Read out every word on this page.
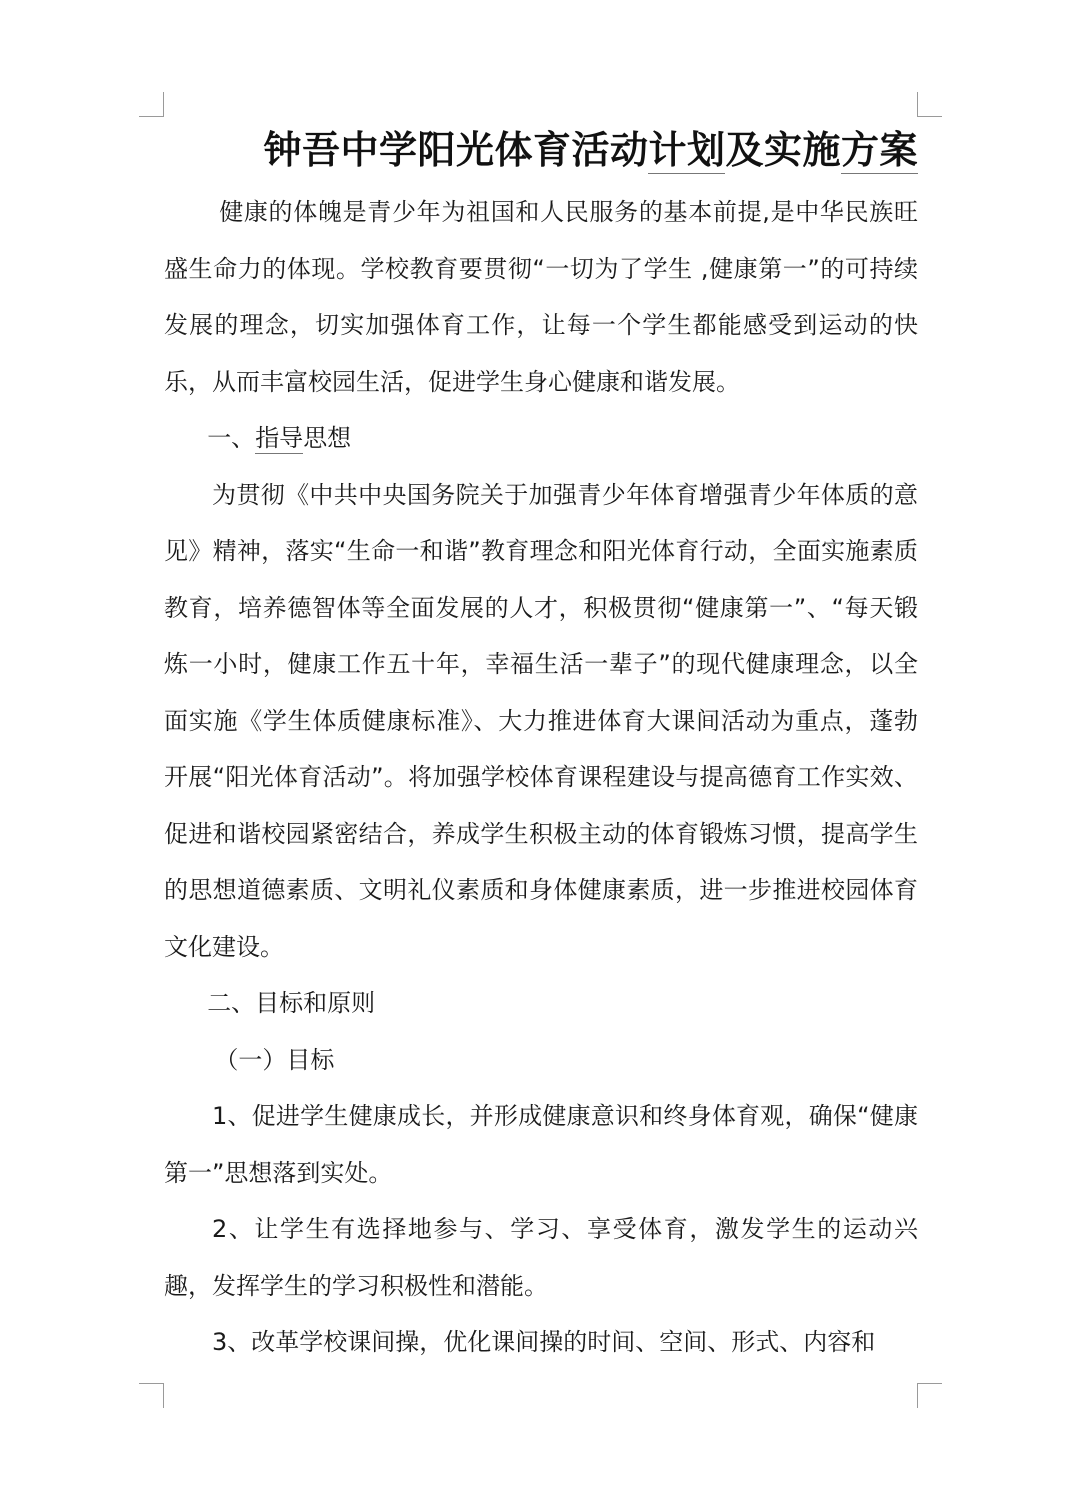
钟吾中学阳光体育活动计划及实施方案

健康的体魄是青少年为祖国和人民服务的基本前提,是中华民族旺盛生命力的体现。学校教育要贯彻“一切为了学生 ,健康第一”的可持续发展的理念，切实加强体育工作，让每一个学生都能感受到运动的快乐，从而丰富校园生活，促进学生身心健康和谐发展。

一、指导思想

为贯彻《中共中央国务院关于加强青少年体育增强青少年体质的意见》精神，落实“生命一和谐”教育理念和阳光体育行动，全面实施素质教育，培养德智体等全面发展的人才，积极贯彻“健康第一”、“每天锻炼一小时，健康工作五十年，幸福生活一辈子”的现代健康理念，以全面实施《学生体质健康标准》、大力推进体育大课间活动为重点，蓬勃开展“阳光体育活动”。将加强学校体育课程建设与提高德育工作实效、促进和谐校园紧密结合，养成学生积极主动的体育锻炼习惯，提高学生的思想道德素质、文明礼仪素质和身体健康素质，进一步推进校园体育文化建设。

二、目标和原则

（一）目标

1、促进学生健康成长，并形成健康意识和终身体育观，确保“健康第一”思想落到实处。

2、让学生有选择地参与、学习、享受体育，激发学生的运动兴趣，发挥学生的学习积极性和潜能。

3、改革学校课间操，优化课间操的时间、空间、形式、内容和
